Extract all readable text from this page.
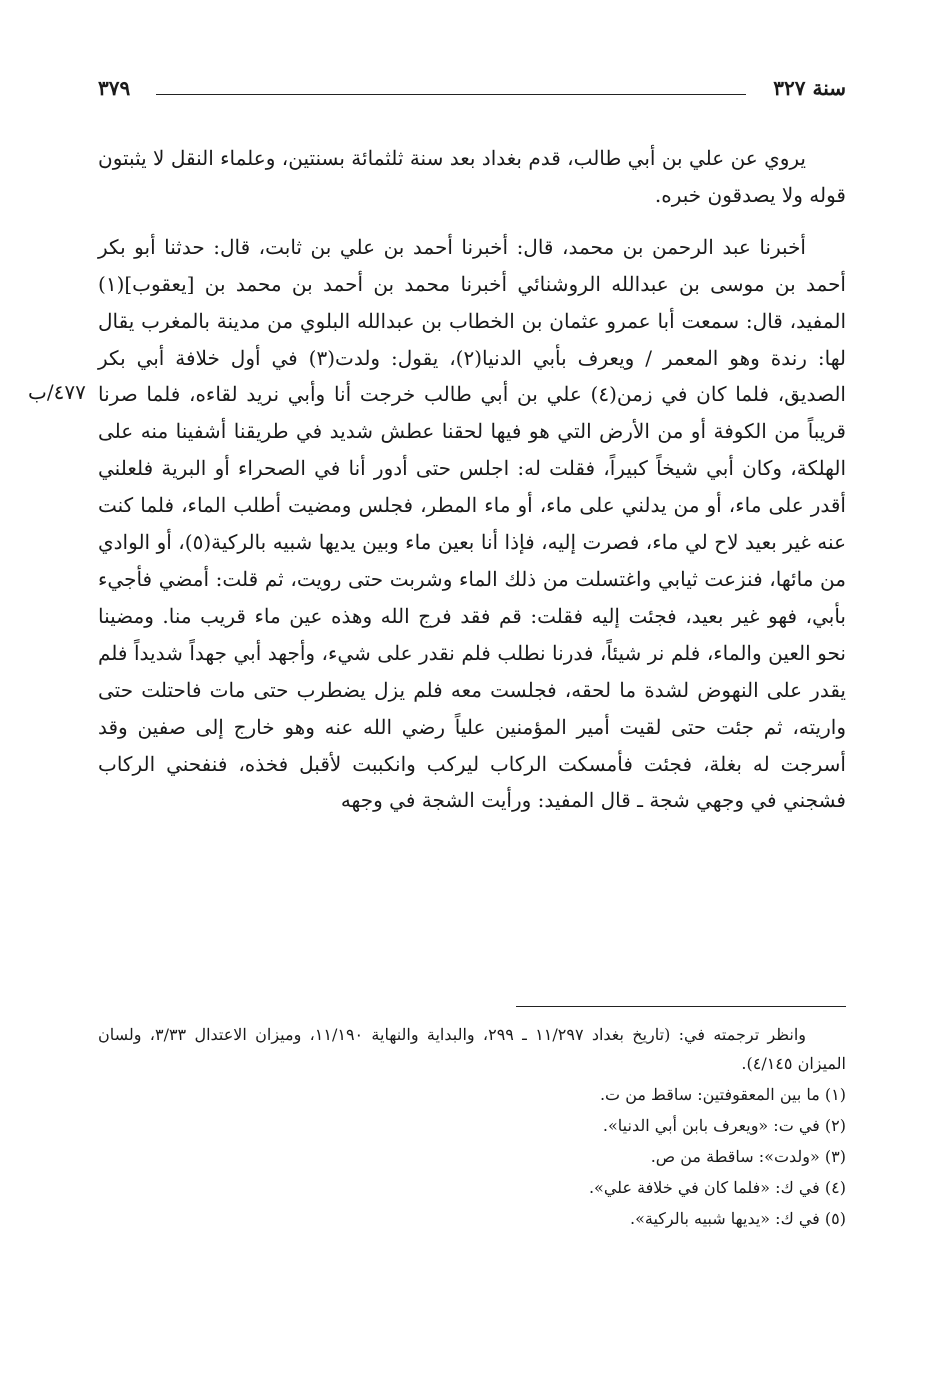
سنة ٣٢٧
٣٧٩

يروي عن علي بن أبي طالب، قدم بغداد بعد سنة ثلثمائة بسنتين، وعلماء النقل لا يثبتون قوله ولا يصدقون خبره.

أخبرنا عبد الرحمن بن محمد، قال: أخبرنا أحمد بن علي بن ثابت، قال: حدثنا أبو بكر أحمد بن موسى بن عبدالله الروشنائي أخبرنا محمد بن أحمد بن محمد بن [يعقوب](١) المفيد، قال: سمعت أبا عمرو عثمان بن الخطاب بن عبدالله البلوي من مدينة بالمغرب يقال لها: رندة وهو المعمر / ويعرف بأبي الدنيا(٢)، يقول: ولدت(٣) في أول خلافة أبي بكر الصديق، فلما كان في زمن(٤) علي بن أبي طالب خرجت أنا وأبي نريد لقاءه، فلما صرنا قريباً من الكوفة أو من الأرض التي هو فيها لحقنا عطش شديد في طريقنا أشفينا منه على الهلكة، وكان أبي شيخاً كبيراً، فقلت له: اجلس حتى أدور أنا في الصحراء أو البرية فلعلني أقدر على ماء، أو من يدلني على ماء، أو ماء المطر، فجلس ومضيت أطلب الماء، فلما كنت عنه غير بعيد لاح لي ماء، فصرت إليه، فإذا أنا بعين ماء وبين يديها شبيه بالركية(٥)، أو الوادي من مائها، فنزعت ثيابي واغتسلت من ذلك الماء وشربت حتى رويت، ثم قلت: أمضي فأجيء بأبي، فهو غير بعيد، فجئت إليه فقلت: قم فقد فرج الله وهذه عين ماء قريب منا. ومضينا نحو العين والماء، فلم نر شيئاً، فدرنا نطلب فلم نقدر على شيء، وأجهد أبي جهداً شديداً فلم يقدر على النهوض لشدة ما لحقه، فجلست معه فلم يزل يضطرب حتى مات فاحتلت حتى واريته، ثم جئت حتى لقيت أمير المؤمنين علياً رضي الله عنه وهو خارج إلى صفين وقد أسرجت له بغلة، فجئت فأمسكت الركاب ليركب وانكببت لأقبل فخذه، فنفحني الركاب فشجني في وجهي شجة ـ قال المفيد: ورأيت الشجة في وجهه

٤٧٧/ب

وانظر ترجمته في: (تاريخ بغداد ١١/٢٩٧ ـ ٢٩٩، والبداية والنهاية ١١/١٩٠، وميزان الاعتدال ٣/٣٣، ولسان الميزان ٤/١٤٥).

(١) ما بين المعقوفتين: ساقط من ت.

(٢) في ت: «ويعرف بابن أبي الدنيا».

(٣) «ولدت»: ساقطة من ص.

(٤) في ك: «فلما كان في خلافة علي».

(٥) في ك: «يديها شبيه بالركية».
